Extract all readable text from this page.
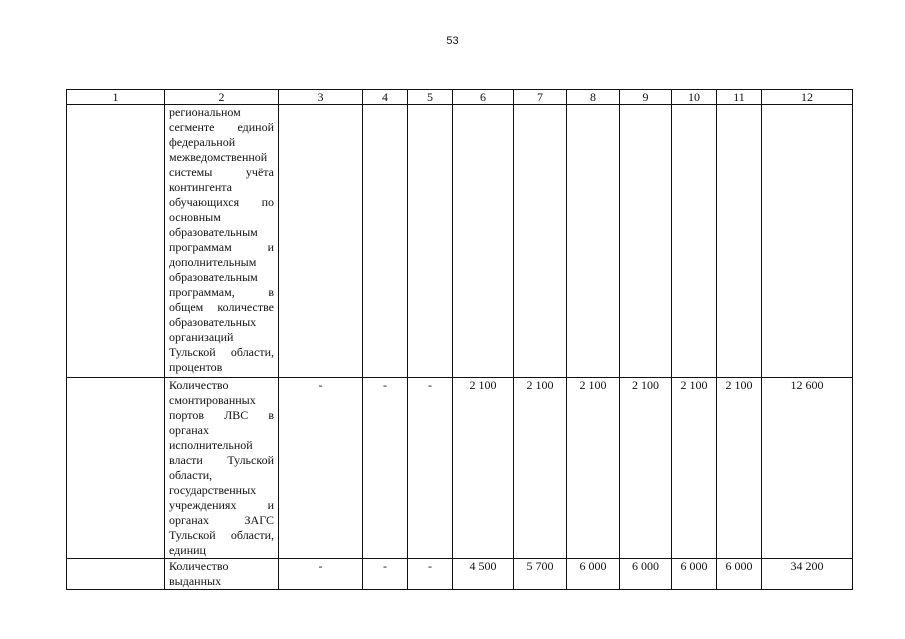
53
1	2	3	4	5	6	7	8	9	10	11	12
	региональном сегменте единой федеральной межведомственной системы учёта контингента обучающихся по основным образовательным программам и дополнительным образовательным программам, в общем количестве образовательных организаций Тульской области, процентов										
	Количество смонтированных портов ЛВС в органах исполнительной власти Тульской области, государственных учреждениях и органах ЗАГС Тульской области, единиц	-	-	-	2 100	2 100	2 100	2 100	2 100	2 100	12 600
	Количество выданных	-	-	-	4 500	5 700	6 000	6 000	6 000	6 000	34 200
